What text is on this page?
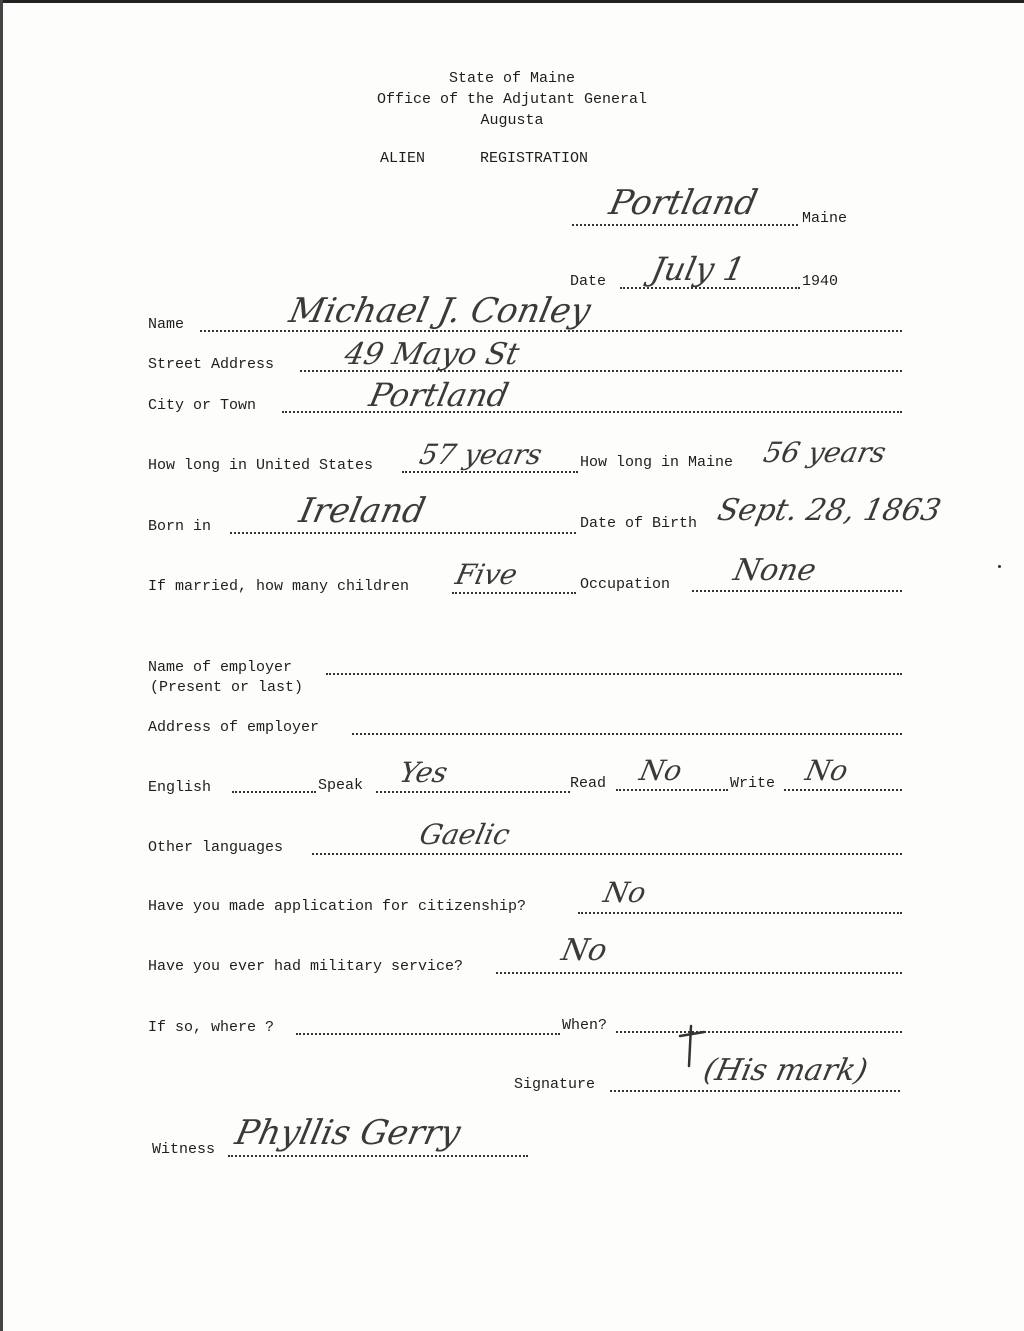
State of Maine
Office of the Adjutant General
Augusta
ALIEN	REGISTRATION
Portland	Maine
Date July 1	1940
Name	Michael J. Conley
Street Address 49 Mayo St
City or Town	Portland
How long in United States 57 years How long in Maine 56 years
Born in Ireland	Date of Birth Sept. 28, 1863
If married, how many children Five	Occupation None
Name of employer
(Present or last)
Address of employer
English	Speak Yes	Read No	Write No
Other languages	Gaelic
Have you made application for citizenship?	No
Have you ever had military service?	No
If so, where ?	When?
Signature	(His mark)
Witness Phyllis Gerry
